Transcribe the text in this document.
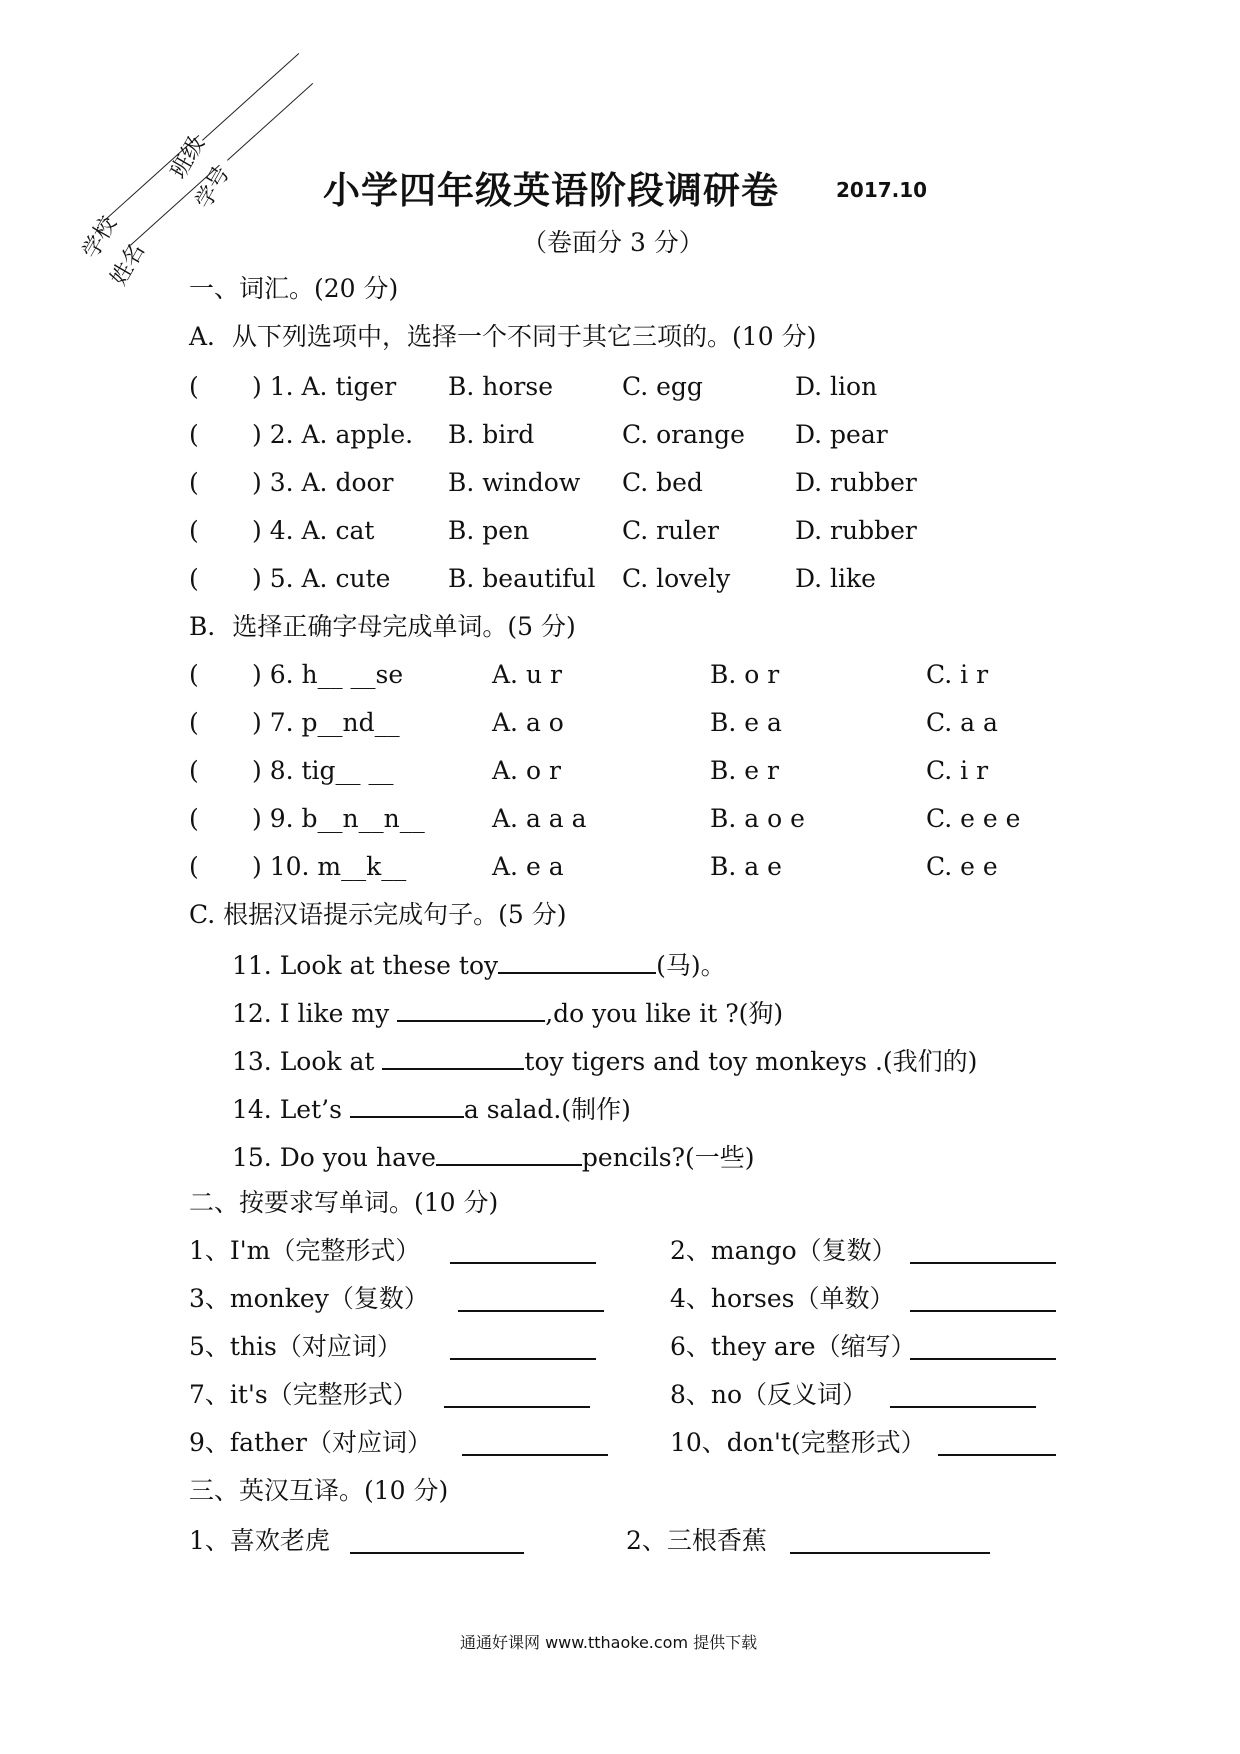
班级
学号
学校
姓名
小学四年级英语阶段调研卷	2017.10
（卷面分 3 分）
一、词汇。(20 分)
A．从下列选项中，选择一个不同于其它三项的。(10 分)
( ) 1. A. tiger B. horse	C. egg	D. lion
( ) 2. A. apple. B. bird	C. orange D. pear
( ) 3. A. door B. window C. bed	D. rubber
( ) 4. A. cat	B. pen	C. ruler	D. rubber
( ) 5. A. cute B. beautiful C. lovely	D. like
B．选择正确字母完成单词。(5 分)
( ) 6. h__ __se	A. u r	B. o r	C. i r
( ) 7. p__nd__	A. a o	B. e a	C. a a
( ) 8. tig__ __	A. o r	B. e r	C. i r
( ) 9. b__n__n__	A. a a a	B. a o e	C. e e e
( ) 10. m__k__	A. e a	B. a e	C. e e
C. 根据汉语提示完成句子。(5 分)
11. Look at these toy	(马)。
12. I like my	,do you like it ?(狗)
13. Look at	toy tigers and toy monkeys .(我们的)
14. Let’s	a salad.(制作)
15. Do you have	pencils?(一些)
二、按要求写单词。(10 分)
1、I'm（完整形式）	2、mango（复数）
3、monkey（复数）	4、horses（单数）
5、this（对应词）	6、they are（缩写）
7、it's（完整形式）	8、no（反义词）
9、father（对应词）	10、don't(完整形式）
三、英汉互译。(10 分)
1、喜欢老虎	2、三根香蕉
通通好课网 www.tthaoke.com 提供下载
